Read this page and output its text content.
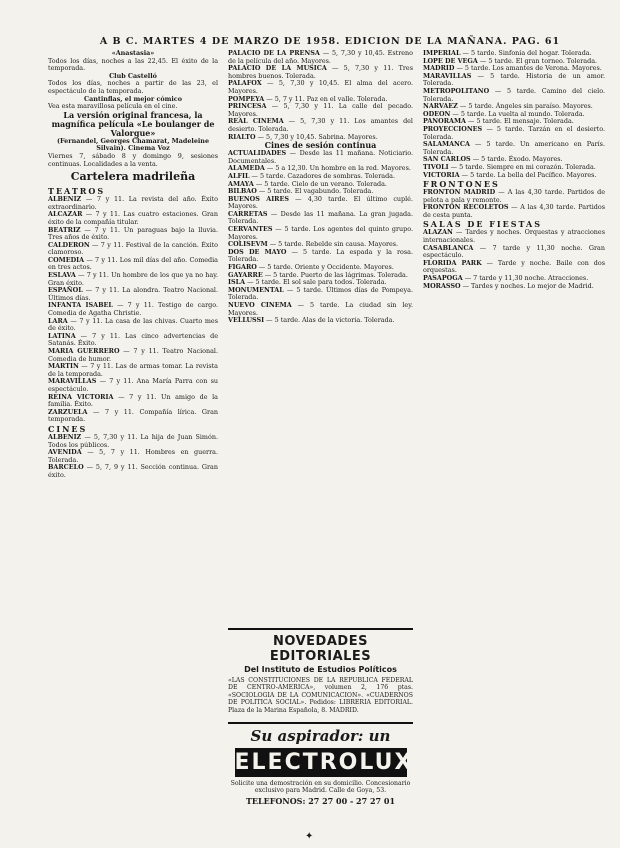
A B C. MARTES 4 DE MARZO DE 1958. EDICION DE LA MAÑANA. PAG. 61

«Anastasia»

Todos los días, noches a las 22,45. El éxito de la temporada.

Club Castelló

Todos los días, noches a partir de las 23, el espectáculo de la temporada.

Cantinflas, el mejor cómico

Vea esta maravillosa película en el cine.

La versión original francesa, la magnífica película «Le boulanger de Valorgue»

(Fernandel, Georges Chamarat, Madeleine Silvain). Cinema Voz

Viernes 7, sábado 8 y domingo 9, sesiones continuas. Localidades a la venta.

Cartelera madrileña

TEATROS

ALBENIZ — 7 y 11. La revista del año. Éxito extraordinario.

ALCAZAR — 7 y 11. Las cuatro estaciones. Gran éxito de la compañía titular.

BEATRIZ — 7 y 11. Un paraguas bajo la lluvia. Tres años de éxito.

CALDERON — 7 y 11. Festival de la canción. Éxito clamoroso.

COMEDIA — 7 y 11. Los mil días del año. Comedia en tres actos.

ESLAVA — 7 y 11. Un hombre de los que ya no hay. Gran éxito.

ESPAÑOL — 7 y 11. La alondra. Teatro Nacional. Últimos días.

INFANTA ISABEL — 7 y 11. Testigo de cargo. Comedia de Agatha Christie.

LARA — 7 y 11. La casa de las chivas. Cuarto mes de éxito.

LATINA — 7 y 11. Las cinco advertencias de Satanás. Éxito.

MARIA GUERRERO — 7 y 11. Teatro Nacional. Comedia de humor.

MARTIN — 7 y 11. Las de armas tomar. La revista de la temporada.

MARAVILLAS — 7 y 11. Ana María Parra con su espectáculo.

REINA VICTORIA — 7 y 11. Un amigo de la familia. Éxito.

ZARZUELA — 7 y 11. Compañía lírica. Gran temporada.

CINES

ALBENIZ — 5, 7,30 y 11. La hija de Juan Simón. Todos los públicos.

AVENIDA — 5, 7 y 11. Hombres en guerra. Tolerada.

BARCELO — 5, 7, 9 y 11. Sección continua. Gran éxito.

PALACIO DE LA PRENSA — 5, 7,30 y 10,45. Estreno de la película del año. Mayores.

PALACIO DE LA MUSICA — 5, 7,30 y 11. Tres hombres buenos. Tolerada.

PALAFOX — 5, 7,30 y 10,45. El alma del acero. Mayores.

POMPEYA — 5, 7 y 11. Paz en el valle. Tolerada.

PRINCESA — 5, 7,30 y 11. La calle del pecado. Mayores.

REAL CINEMA — 5, 7,30 y 11. Los amantes del desierto. Tolerada.

RIALTO — 5, 7,30 y 10,45. Sabrina. Mayores.

Cines de sesión continua

ACTUALIDADES — Desde las 11 mañana. Noticiario. Documentales.

ALAMEDA — 5 a 12,30. Un hombre en la red. Mayores.

ALFIL — 5 tarde. Cazadores de sombras. Tolerada.

AMAYA — 5 tarde. Cielo de un verano. Tolerada.

BILBAO — 5 tarde. El vagabundo. Tolerada.

BUENOS AIRES — 4,30 tarde. El último cuplé. Mayores.

CARRETAS — Desde las 11 mañana. La gran jugada. Tolerada.

CERVANTES — 5 tarde. Los agentes del quinto grupo. Mayores.

COLISEVM — 5 tarde. Rebelde sin causa. Mayores.

DOS DE MAYO — 5 tarde. La espada y la rosa. Tolerada.

FIGARO — 5 tarde. Oriente y Occidente. Mayores.

GAYARRE — 5 tarde. Puerto de las lágrimas. Tolerada.

ISLA — 5 tarde. El sol sale para todos. Tolerada.

MONUMENTAL — 5 tarde. Últimos días de Pompeya. Tolerada.

NUEVO CINEMA — 5 tarde. La ciudad sin ley. Mayores.

VELLUSSI — 5 tarde. Alas de la victoria. Tolerada.

NOVEDADES EDITORIALES
Del Instituto de Estudios Políticos
«LAS CONSTITUCIONES DE LA REPUBLICA FEDERAL DE CENTRO-AMERICA», volumen 2, 176 ptas. «SOCIOLOGIA DE LA COMUNICACION». «CUADERNOS DE POLITICA SOCIAL». Pedidos: LIBRERIA EDITORIAL. Plaza de la Marina Española, 8. MADRID.
Su aspirador: un
ELECTROLUX
Solicite una demostración en su domicilio. Concesionario exclusivo para Madrid. Calle de Goya, 53.
TELEFONOS: 27 27 00 - 27 27 01

IMPERIAL — 5 tarde. Sinfonía del hogar. Tolerada.

LOPE DE VEGA — 5 tarde. El gran torneo. Tolerada.

MADRID — 5 tarde. Los amantes de Verona. Mayores.

MARAVILLAS — 5 tarde. Historia de un amor. Tolerada.

METROPOLITANO — 5 tarde. Camino del cielo. Tolerada.

NARVAEZ — 5 tarde. Ángeles sin paraíso. Mayores.

ODEON — 5 tarde. La vuelta al mundo. Tolerada.

PANORAMA — 5 tarde. El mensaje. Tolerada.

PROYECCIONES — 5 tarde. Tarzán en el desierto. Tolerada.

SALAMANCA — 5 tarde. Un americano en París. Tolerada.

SAN CARLOS — 5 tarde. Éxodo. Mayores.

TIVOLI — 5 tarde. Siempre en mi corazón. Tolerada.

VICTORIA — 5 tarde. La bella del Pacífico. Mayores.

FRONTONES

FRONTON MADRID — A las 4,30 tarde. Partidos de pelota a pala y remonte.

FRONTON RECOLETOS — A las 4,30 tarde. Partidos de cesta punta.

SALAS DE FIESTAS

ALAZAN — Tardes y noches. Orquestas y atracciones internacionales.

CASABLANCA — 7 tarde y 11,30 noche. Gran espectáculo.

FLORIDA PARK — Tarde y noche. Baile con dos orquestas.

PASAPOGA — 7 tarde y 11,30 noche. Atracciones.

MORASSO — Tardes y noches. Lo mejor de Madrid.

✦
